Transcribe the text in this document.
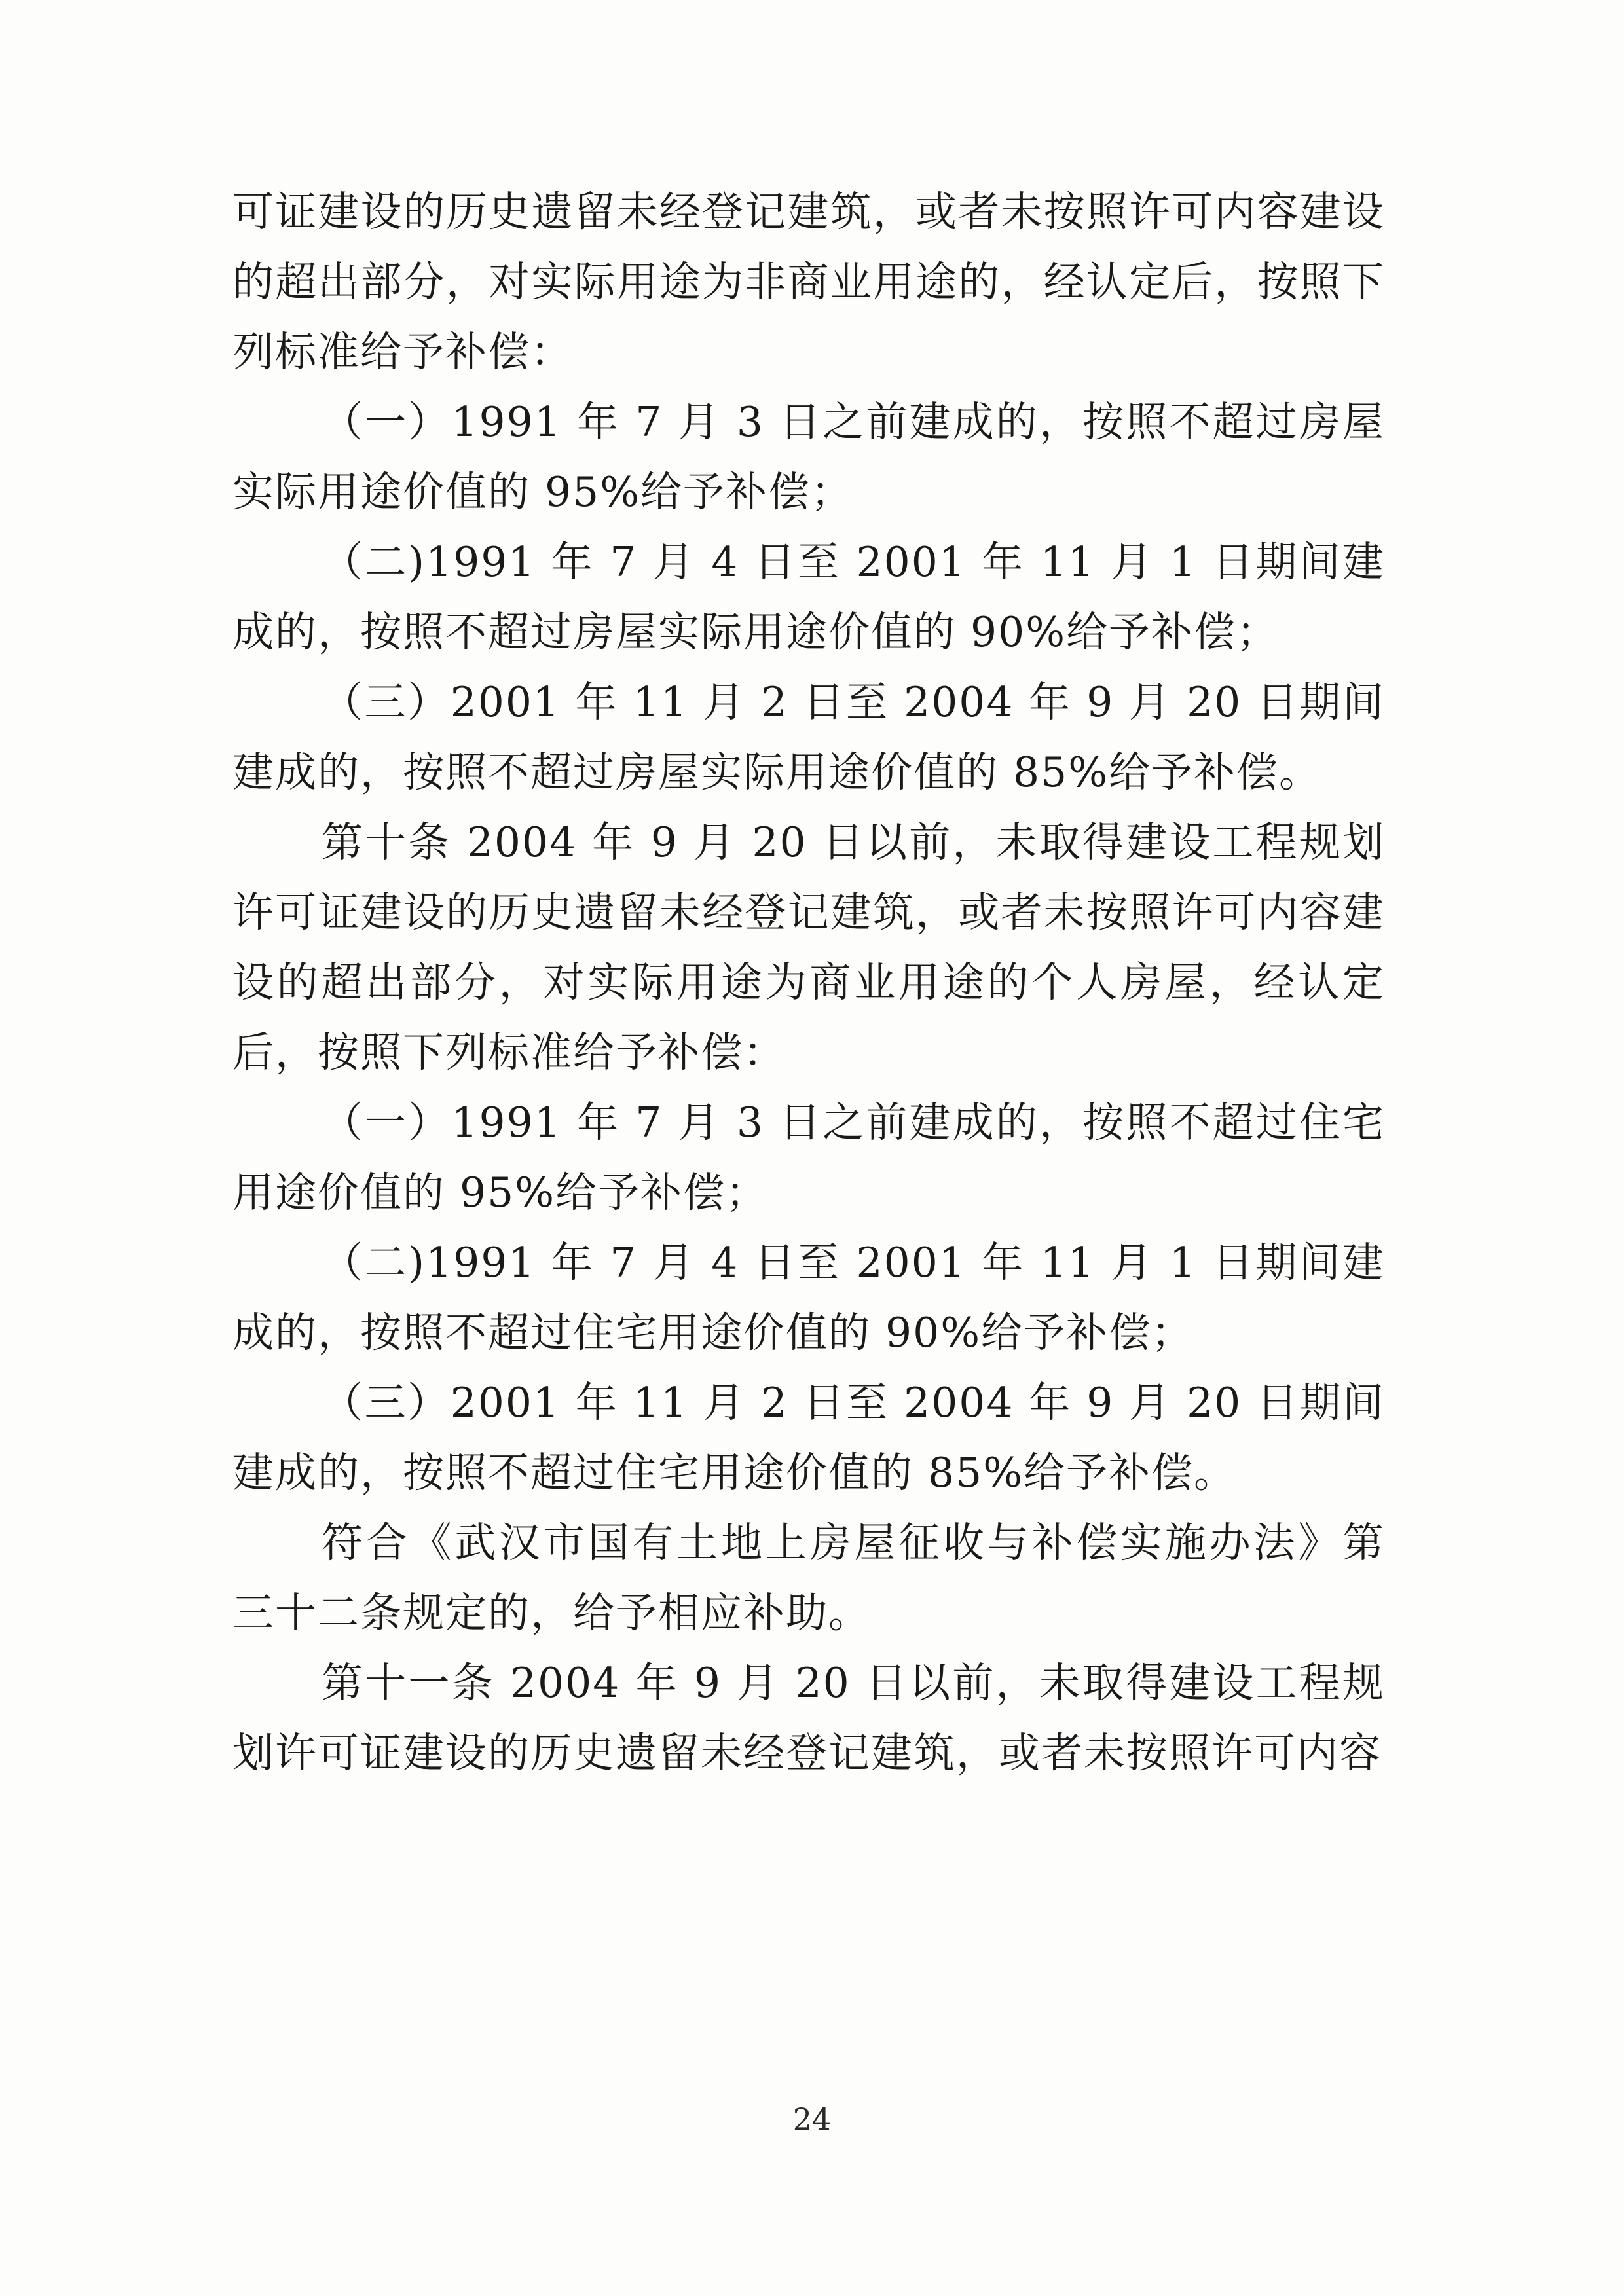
可证建设的历史遗留未经登记建筑，或者未按照许可内容建设的超出部分，对实际用途为非商业用途的，经认定后，按照下列标准给予补偿：

（一）1991 年 7 月 3 日之前建成的，按照不超过房屋实际用途价值的 95%给予补偿；

（二)1991 年 7 月 4 日至 2001 年 11 月 1 日期间建成的，按照不超过房屋实际用途价值的 90%给予补偿；

（三）2001 年 11 月 2 日至 2004 年 9 月 20 日期间建成的，按照不超过房屋实际用途价值的 85%给予补偿。

第十条 2004 年 9 月 20 日以前，未取得建设工程规划许可证建设的历史遗留未经登记建筑，或者未按照许可内容建设的超出部分，对实际用途为商业用途的个人房屋，经认定后，按照下列标准给予补偿：

（一）1991 年 7 月 3 日之前建成的，按照不超过住宅用途价值的 95%给予补偿；

（二)1991 年 7 月 4 日至 2001 年 11 月 1 日期间建成的，按照不超过住宅用途价值的 90%给予补偿；

（三）2001 年 11 月 2 日至 2004 年 9 月 20 日期间建成的，按照不超过住宅用途价值的 85%给予补偿。

符合《武汉市国有土地上房屋征收与补偿实施办法》第三十二条规定的，给予相应补助。

第十一条 2004 年 9 月 20 日以前，未取得建设工程规划许可证建设的历史遗留未经登记建筑，或者未按照许可内容

24
